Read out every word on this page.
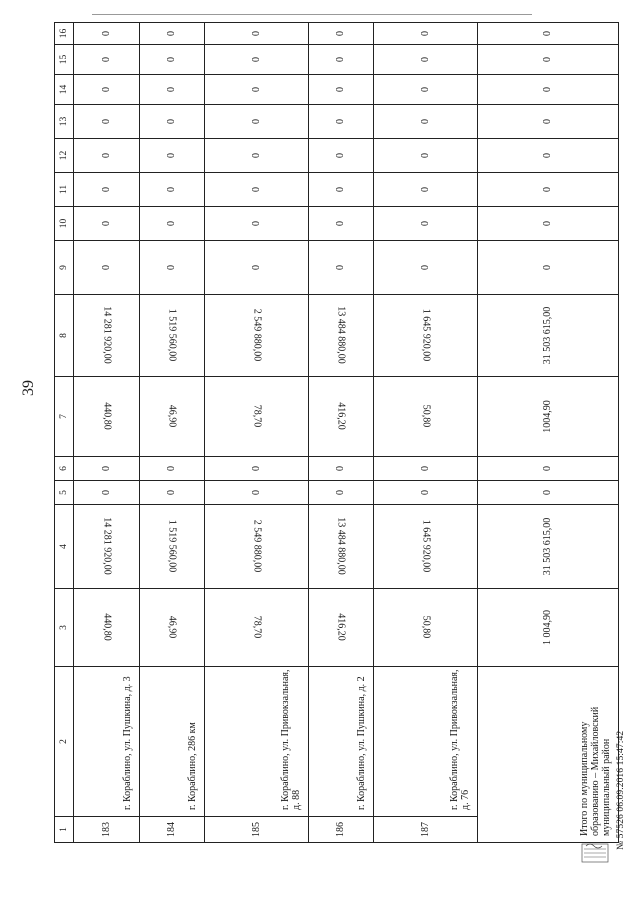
39
1	2	3	4	5	6	7	8	9	10	11	12	13	14	15	16
183	г. Кораблино, ул. Пушкина, д. 3	440,80	14 281 920,00	0	0	440,80	14 281 920,00	0	0	0	0	0	0	0	0
184	г. Кораблино, 286 км	46,90	1 519 560,00	0	0	46,90	1 519 560,00	0	0	0	0	0	0	0	0
185	г. Кораблино, ул. Привокзальная, д. 88	78,70	2 549 880,00	0	0	78,70	2 549 880,00	0	0	0	0	0	0	0	0
186	г. Кораблино, ул. Пушкина, д. 2	416,20	13 484 880,00	0	0	416,20	13 484 880,00	0	0	0	0	0	0	0	0
187	г. Кораблино, ул. Привокзальная, д. 76	50,80	1 645 920,00	0	0	50,80	1 645 920,00	0	0	0	0	0	0	0	0
Итого по муниципальному образованию – Михайловский муниципальный район		1 004,90	31 503 615,00	0	0	1004,90	31 503 615,00	0	0	0	0	0	0	0	0
№ 57526 06.09.2016 15:47:42
